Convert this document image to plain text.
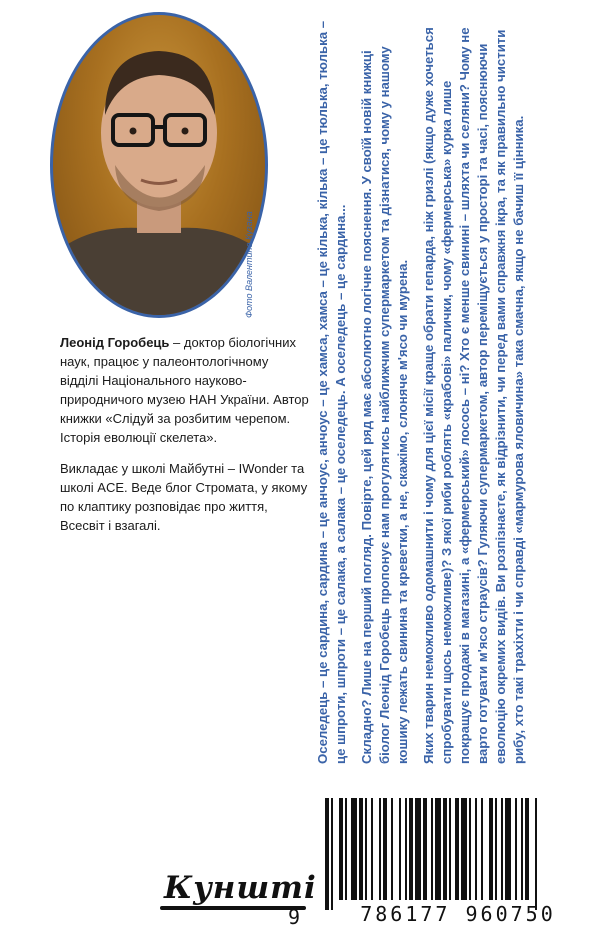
Фото Валентина Кузана

Леонід Горобець – доктор біологічних наук, працює у палеонтологічному відділі Національного науково-природничого музею НАН України. Автор книжки «Слідуй за розбитим черепом. Історія еволюції скелета».

Викладає у школі Майбутні – IWonder та школі ACE. Веде блог Стромата, у якому по клаптику розповідає про життя, Всесвіт і взагалі.	Оселедець – це сардина, сардина – це анчоус, анчоус – це хамса, хамса – це кілька, кілька – це тюлька, тюлька – це шпроти, шпроти – це салака, а салака – це оселедець. А оселедець – це сардина... Складно? Лише на перший погляд. Повірте, цей ряд має абсолютно логічне пояснення. У своїй новій книжці біолог Леонід Горобець пропонує нам прогулятись найближчим супермаркетом та дізнатися, чому у нашому кошику лежать свинина та креветки, а не, скажімо, слоняче м'ясо чи мурена. Яких тварин неможливо одомашнити і чому для цієї місії краще обрати гепарда, ніж гризлі (якщо дуже хочеться спробувати щось неможливе)? З якої риби роблять «крабові» палички, чому «фермерська» курка лише покращує продажі в магазині, а «фермерський» лосось – ні? Хто є менше свинині – шляхта чи селяни? Чому не варто готувати м'ясо страусів? Гуляючи супермаркетом, автор переміщується у просторі та часі, пояснюючи еволюцію окремих видів. Ви розпізнаєте, як відрізнити, чи перед вами справжня ікра, та як правильно чистити рибу, хто такі трахіхти і чи справді «мармурова яловичина» така смачна, якщо не бачиш її цінника.

Кунштi
9	786177 960750
